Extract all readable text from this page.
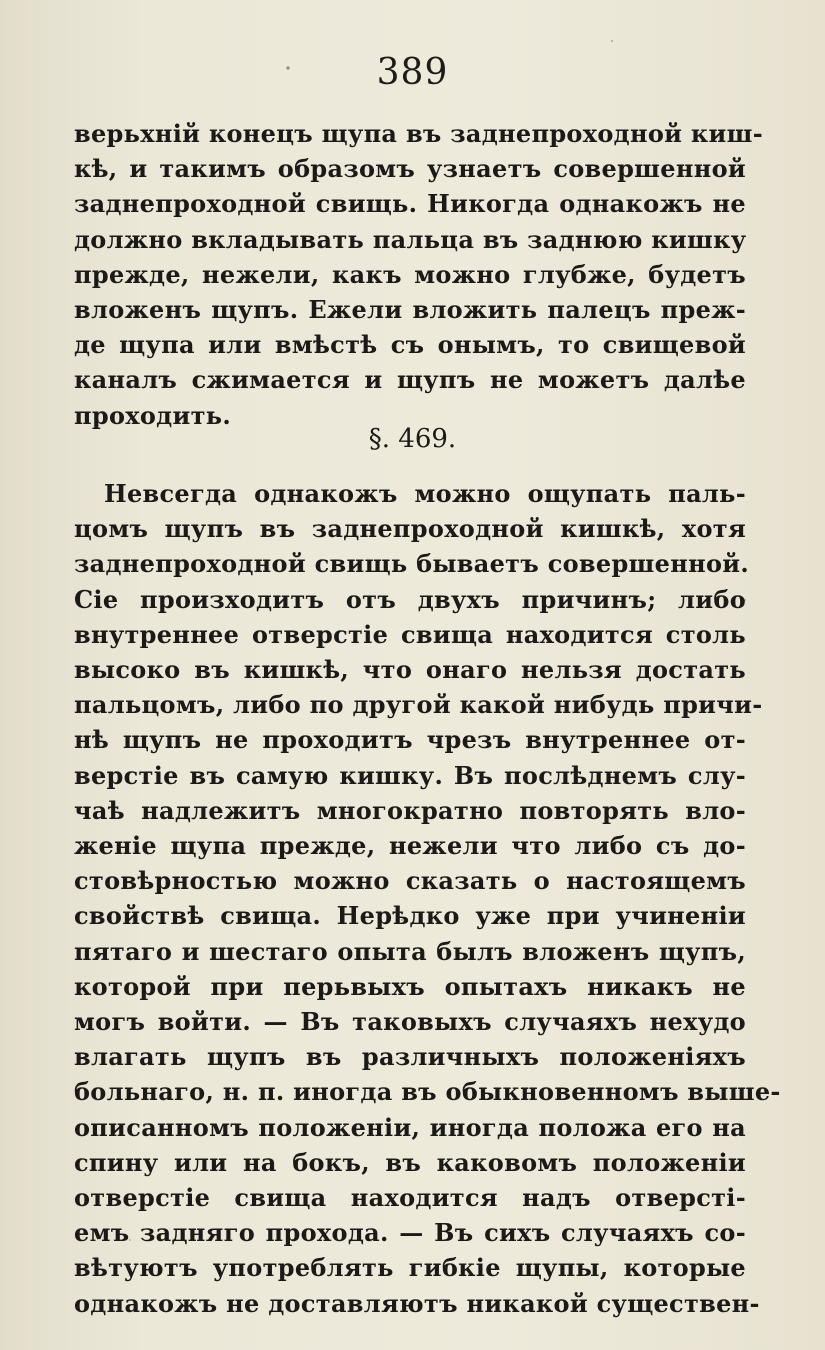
389
верьхній конецъ щупа въ заднепроходной киш-
кѣ, и такимъ образомъ узнаетъ совершенной
заднепроходной свищь. Никогда однакожъ не
должно вкладывать пальца въ заднюю кишку
прежде, нежели, какъ можно глубже, будетъ
вложенъ щупъ. Ежели вложить палецъ преж-
де щупа или вмѣстѣ съ онымъ, то свищевой
каналъ сжимается и щупъ не можетъ далѣе
проходить.
§. 469.
Невсегда однакожъ можно ощупать паль-
цомъ щупъ въ заднепроходной кишкѣ, хотя
заднепроходной свищь бываетъ совершенной.
Сіе произходитъ отъ двухъ причинъ; либо
внутреннее отверстіе свища находится столь
высоко въ кишкѣ, что онаго нельзя достать
пальцомъ, либо по другой какой нибудь причи-
нѣ щупъ не проходитъ чрезъ внутреннее от-
верстіе въ самую кишку. Въ послѣднемъ слу-
чаѣ надлежитъ многократно повторять вло-
женіе щупа прежде, нежели что либо съ до-
стовѣрностью можно сказать о настоящемъ
свойствѣ свища. Нерѣдко уже при учиненіи
пятаго и шестаго опыта былъ вложенъ щупъ,
которой при перьвыхъ опытахъ никакъ не
могъ войти. — Въ таковыхъ случаяхъ нехудо
влагать щупъ въ различныхъ положеніяхъ
больнаго, н. п. иногда въ обыкновенномъ выше-
описанномъ положеніи, иногда положа его на
спину или на бокъ, въ каковомъ положеніи
отверстіе свища находится надъ отверсті-
емъ задняго прохода. — Въ сихъ случаяхъ со-
вѣтуютъ употреблять гибкіе щупы, которые
однакожъ не доставляютъ никакой существен-
